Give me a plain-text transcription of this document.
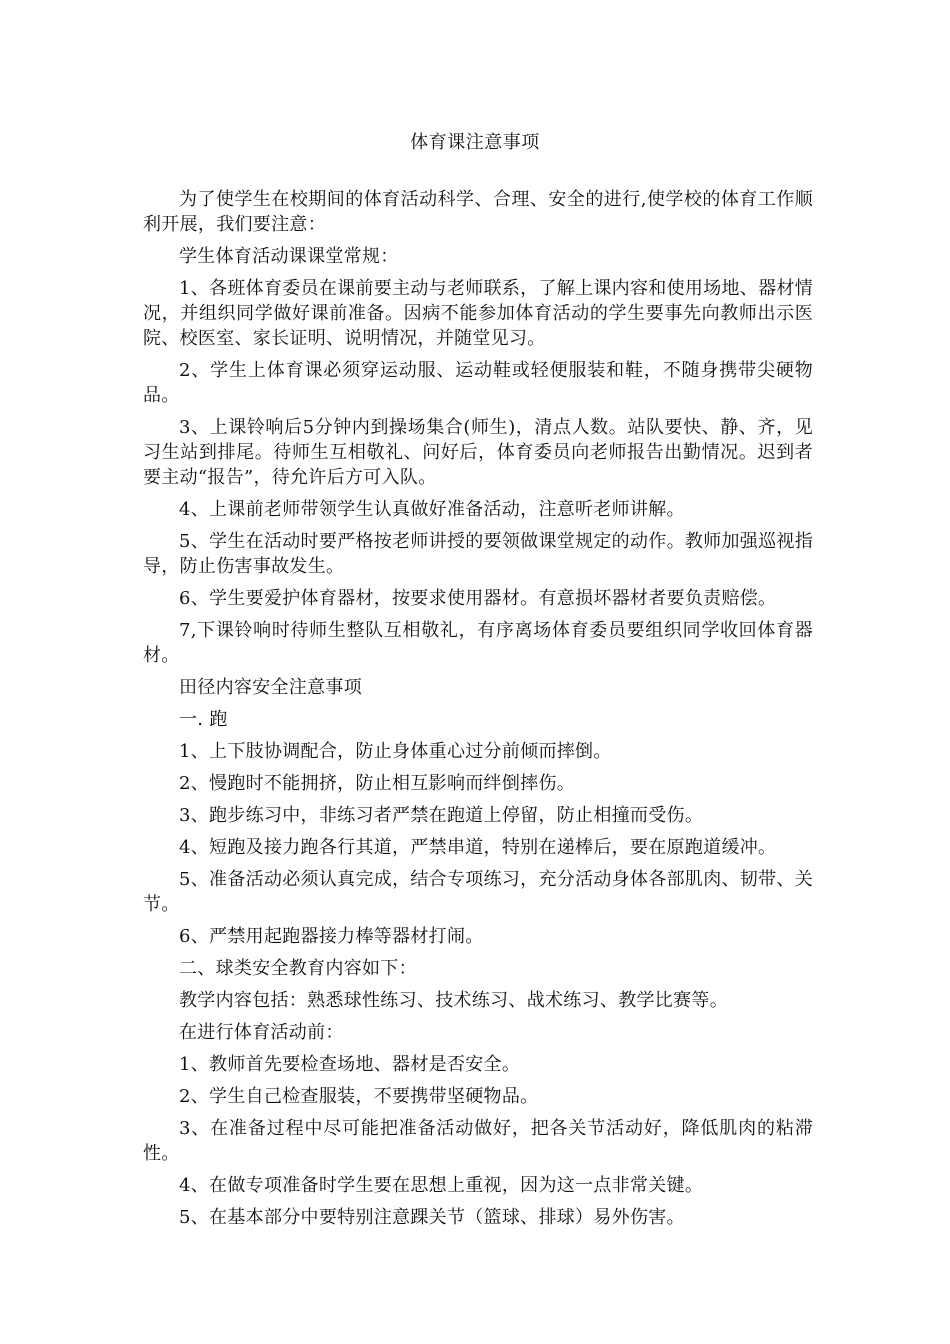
体育课注意事项

为了使学生在校期间的体育活动科学、合理、安全的进行,使学校的体育工作顺利开展，我们要注意：

学生体育活动课课堂常规：

1、各班体育委员在课前要主动与老师联系，了解上课内容和使用场地、器材情况，并组织同学做好课前准备。因病不能参加体育活动的学生要事先向教师出示医院、校医室、家长证明、说明情况，并随堂见习。

2、学生上体育课必须穿运动服、运动鞋或轻便服装和鞋，不随身携带尖硬物品。

3、上课铃响后5分钟内到操场集合(师生)，清点人数。站队要快、静、齐，见习生站到排尾。待师生互相敬礼、问好后，体育委员向老师报告出勤情况。迟到者要主动“报告”，待允许后方可入队。

4、上课前老师带领学生认真做好准备活动，注意听老师讲解。

5、学生在活动时要严格按老师讲授的要领做课堂规定的动作。教师加强巡视指导，防止伤害事故发生。

6、学生要爱护体育器材，按要求使用器材。有意损坏器材者要负责赔偿。

7,下课铃响时待师生整队互相敬礼，有序离场体育委员要组织同学收回体育器材。

田径内容安全注意事项

一. 跑

1、上下肢协调配合，防止身体重心过分前倾而摔倒。

2、慢跑时不能拥挤，防止相互影响而绊倒摔伤。

3、跑步练习中，非练习者严禁在跑道上停留，防止相撞而受伤。

4、短跑及接力跑各行其道，严禁串道，特别在递棒后，要在原跑道缓冲。

5、准备活动必须认真完成，结合专项练习，充分活动身体各部肌肉、韧带、关节。

6、严禁用起跑器接力棒等器材打闹。

二、球类安全教育内容如下：

教学内容包括：熟悉球性练习、技术练习、战术练习、教学比赛等。

在进行体育活动前：

1、教师首先要检查场地、器材是否安全。

2、学生自己检查服装，不要携带坚硬物品。

3、在准备过程中尽可能把准备活动做好，把各关节活动好，降低肌肉的粘滞性。

4、在做专项准备时学生要在思想上重视，因为这一点非常关键。

5、在基本部分中要特别注意踝关节（篮球、排球）易外伤害。
